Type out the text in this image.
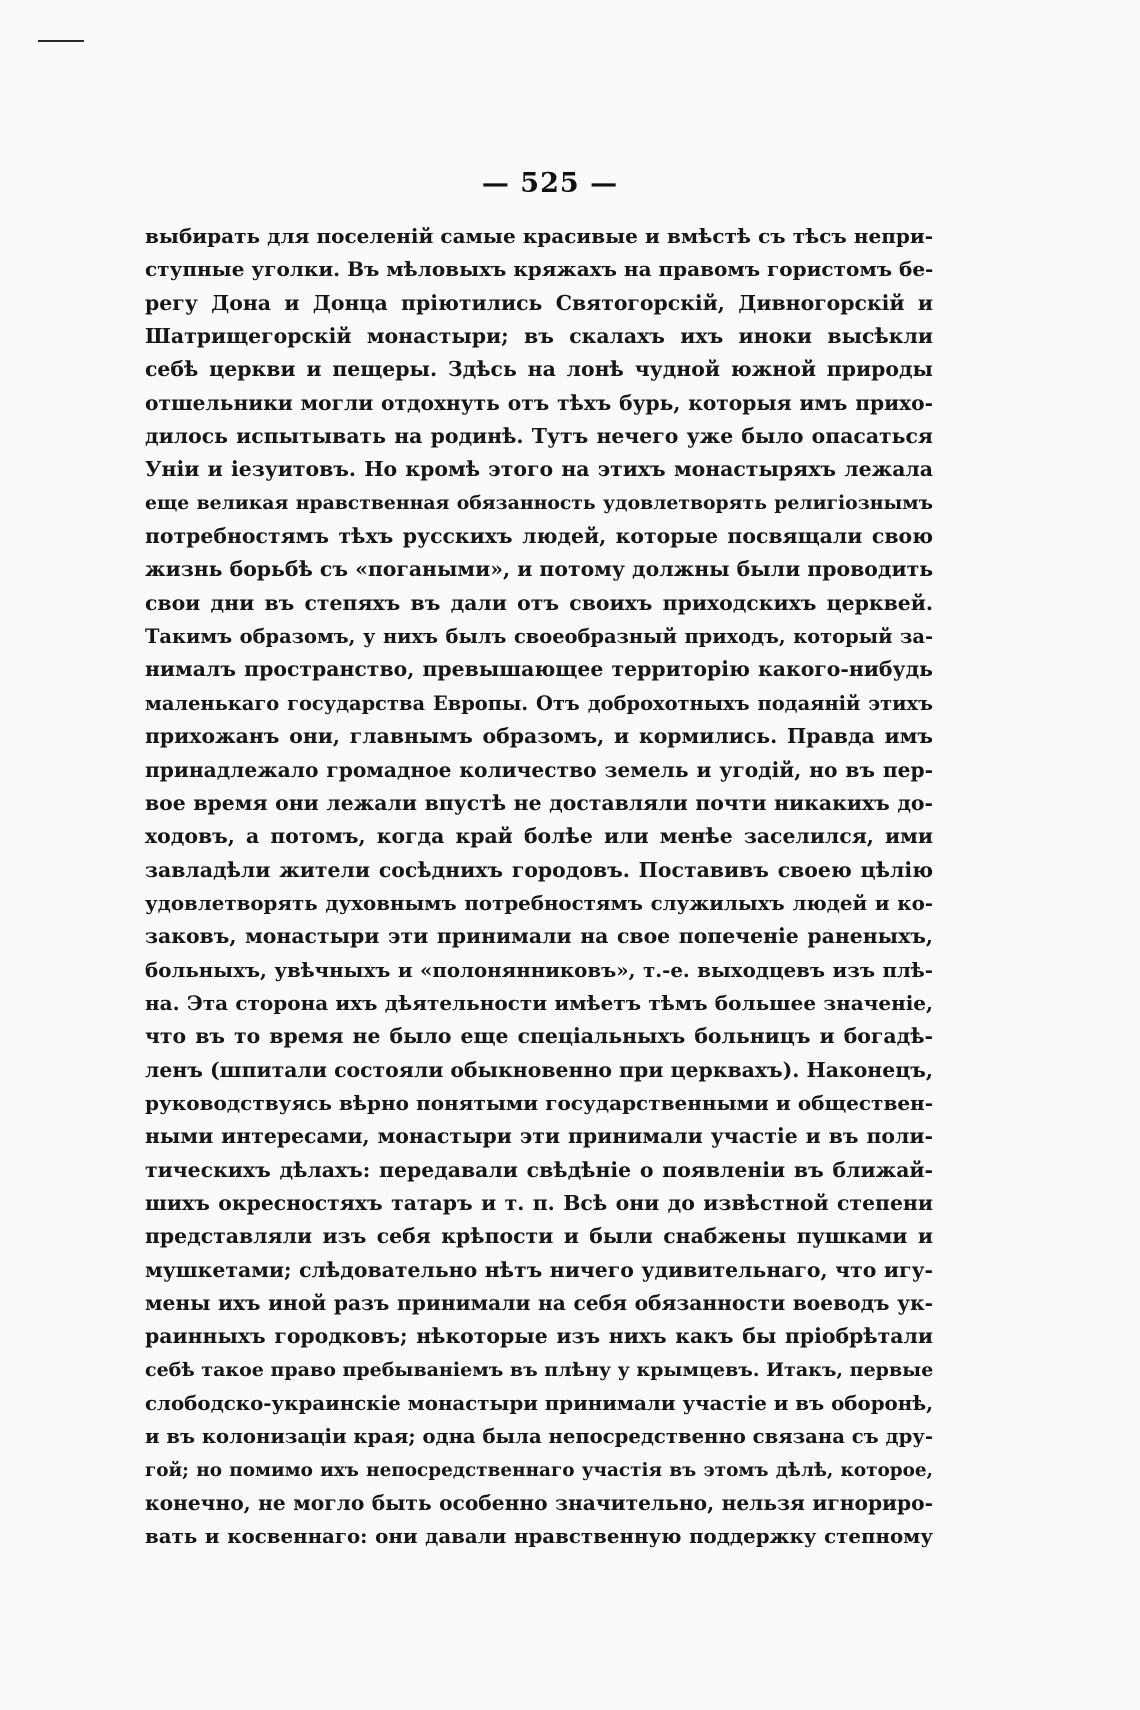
— 525 —
выбирать для поселеній самые красивые и вмѣстѣ съ тѣсъ непри-
ступные уголки. Въ мѣловыхъ кряжахъ на правомъ гористомъ бе-
регу Дона и Донца пріютились Святогорскій, Дивногорскій и
Шатрищегорскій монастыри; въ скалахъ ихъ иноки высѣкли
себѣ церкви и пещеры. Здѣсь на лонѣ чудной южной природы
отшельники могли отдохнуть отъ тѣхъ бурь, которыя имъ прихо-
дилось испытывать на родинѣ. Тутъ нечего уже было опасаться
Уніи и іезуитовъ. Но кромѣ этого на этихъ монастыряхъ лежала
еще великая нравственная обязанность удовлетворять религіознымъ
потребностямъ тѣхъ русскихъ людей, которые посвящали свою
жизнь борьбѣ съ «погаными», и потому должны были проводить
свои дни въ степяхъ въ дали отъ своихъ приходскихъ церквей.
Такимъ образомъ, у нихъ былъ своеобразный приходъ, который за-
нималъ пространство, превышающее территорію какого-нибудь
маленькаго государства Европы. Отъ доброхотныхъ подаяній этихъ
прихожанъ они, главнымъ образомъ, и кормились. Правда имъ
принадлежало громадное количество земель и угодій, но въ пер-
вое время они лежали впустѣ не доставляли почти никакихъ до-
ходовъ, а потомъ, когда край болѣе или менѣе заселился, ими
завладѣли жители сосѣднихъ городовъ. Поставивъ своею цѣлію
удовлетворять духовнымъ потребностямъ служилыхъ людей и ко-
заковъ, монастыри эти принимали на свое попеченіе раненыхъ,
больныхъ, увѣчныхъ и «полонянниковъ», т.-е. выходцевъ изъ плѣ-
на. Эта сторона ихъ дѣятельности имѣетъ тѣмъ большее значеніе,
что въ то время не было еще спеціальныхъ больницъ и богадѣ-
ленъ (шпитали состояли обыкновенно при церквахъ). Наконецъ,
руководствуясь вѣрно понятыми государственными и обществен-
ными интересами, монастыри эти принимали участіе и въ поли-
тическихъ дѣлахъ: передавали свѣдѣніе о появленіи въ ближай-
шихъ окресностяхъ татаръ и т. п. Всѣ они до извѣстной степени
представляли изъ себя крѣпости и были снабжены пушками и
мушкетами; слѣдовательно нѣтъ ничего удивительнаго, что игу-
мены ихъ иной разъ принимали на себя обязанности воеводъ ук-
раинныхъ городковъ; нѣкоторые изъ нихъ какъ бы пріобрѣтали
себѣ такое право пребываніемъ въ плѣну у крымцевъ. Итакъ, первые
слободско-украинскіе монастыри принимали участіе и въ оборонѣ,
и въ колонизаціи края; одна была непосредственно связана съ дру-
гой; но помимо ихъ непосредственнаго участія въ этомъ дѣлѣ, которое,
конечно, не могло быть особенно значительно, нельзя игнориро-
вать и косвеннаго: они давали нравственную поддержку степному
